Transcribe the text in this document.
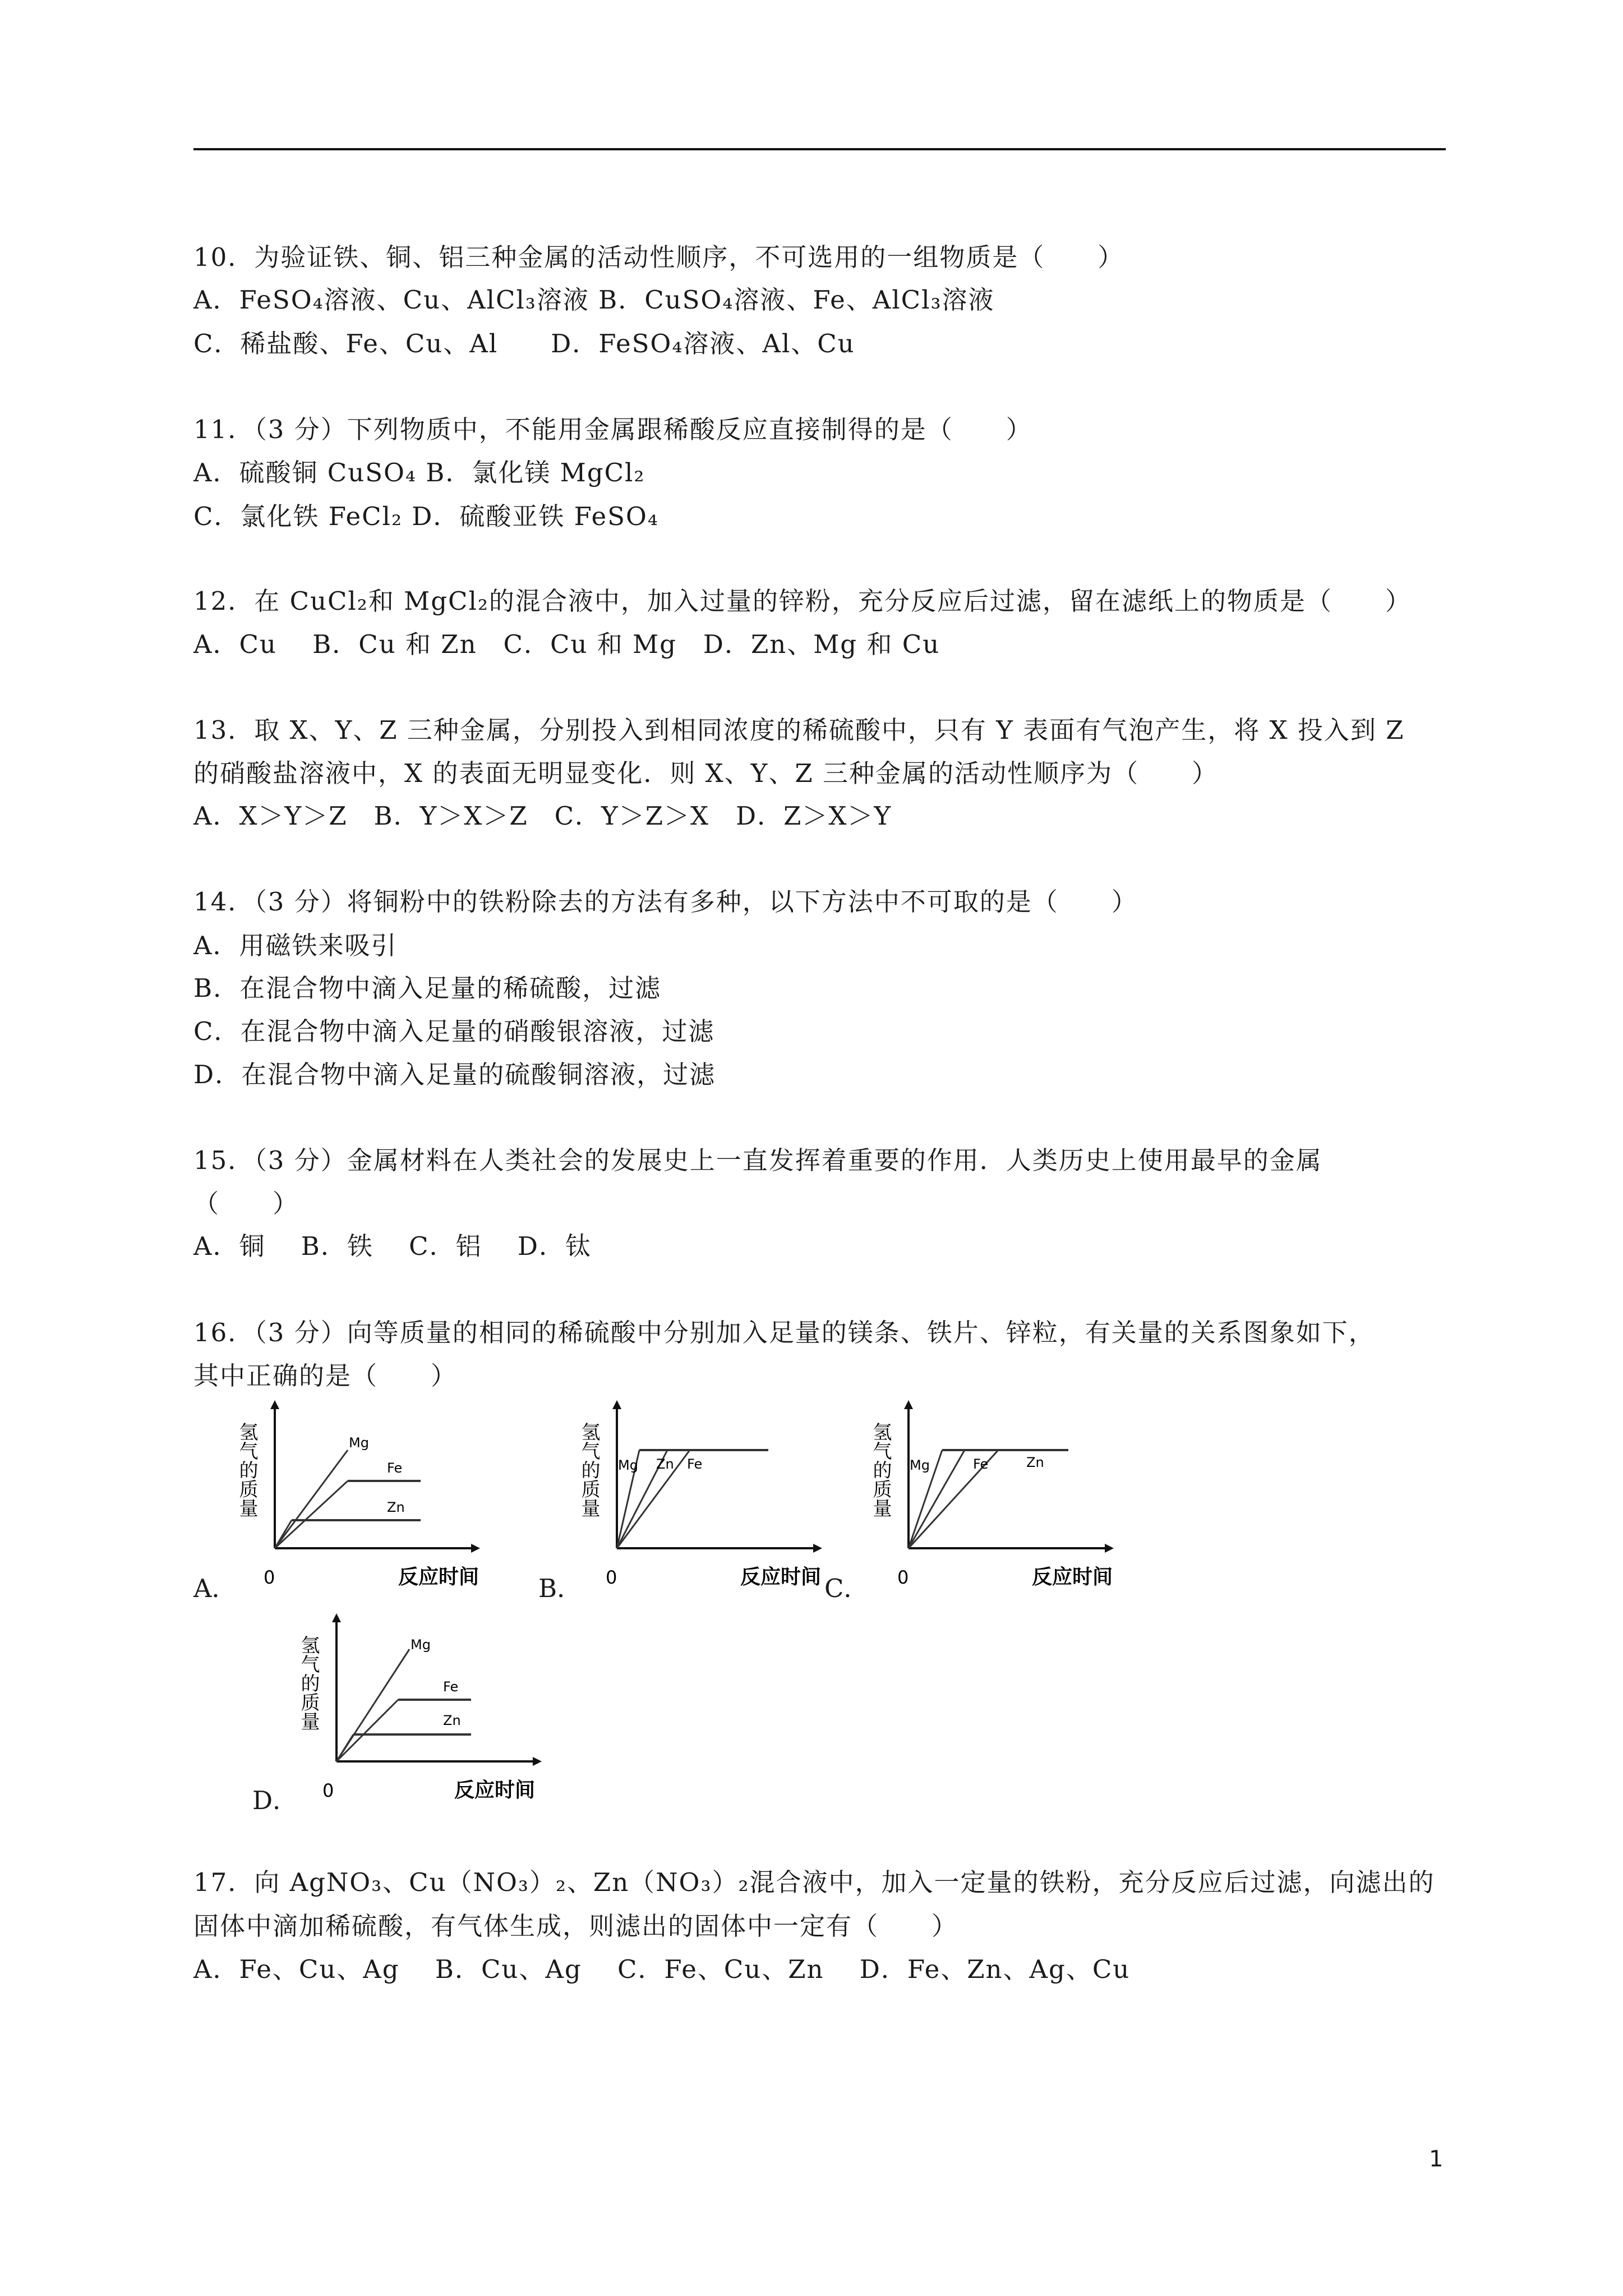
10．为验证铁、铜、铝三种金属的活动性顺序，不可选用的一组物质是（　　）
A．FeSO₄溶液、Cu、AlCl₃溶液 B．CuSO₄溶液、Fe、AlCl₃溶液
C．稀盐酸、Fe、Cu、Al　　D．FeSO₄溶液、Al、Cu
11．（3 分）下列物质中，不能用金属跟稀酸反应直接制得的是（　　）
A．硫酸铜 CuSO₄ B．氯化镁 MgCl₂
C．氯化铁 FeCl₂ D．硫酸亚铁 FeSO₄
12．在 CuCl₂和 MgCl₂的混合液中，加入过量的锌粉，充分反应后过滤，留在滤纸上的物质是（　　）
A．Cu　 B．Cu 和 Zn　C．Cu 和 Mg　D．Zn、Mg 和 Cu
13．取 X、Y、Z 三种金属，分别投入到相同浓度的稀硫酸中，只有 Y 表面有气泡产生，将 X 投入到 Z
的硝酸盐溶液中，X 的表面无明显变化．则 X、Y、Z 三种金属的活动性顺序为（　　）
A．X＞Y＞Z　B．Y＞X＞Z　C．Y＞Z＞X　D．Z＞X＞Y
14．（3 分）将铜粉中的铁粉除去的方法有多种，以下方法中不可取的是（　　）
A．用磁铁来吸引
B．在混合物中滴入足量的稀硫酸，过滤
C．在混合物中滴入足量的硝酸银溶液，过滤
D．在混合物中滴入足量的硫酸铜溶液，过滤
15．（3 分）金属材料在人类社会的发展史上一直发挥着重要的作用．人类历史上使用最早的金属
（　　）
A．铜　 B．铁　 C．铝　 D．钛
16．（3 分）向等质量的相同的稀硫酸中分别加入足量的镁条、铁片、锌粒，有关量的关系图象如下，
其中正确的是（　　）
A．	B．	C．
D．
Mg
Fe
Zn
氢气的质量
0	反应时间
Mg	Fe
Zn
氢气的质量
0	反应时间
Mg	Fe	Zn
氢气的质量
0	反应时间
Mg
Fe
Zn
氢气的质量
0	反应时间
17．向 AgNO₃、Cu（NO₃）₂、Zn（NO₃）₂混合液中，加入一定量的铁粉，充分反应后过滤，向滤出的
固体中滴加稀硫酸，有气体生成，则滤出的固体中一定有（　　）
A．Fe、Cu、Ag　 B．Cu、Ag　 C．Fe、Cu、Zn　 D．Fe、Zn、Ag、Cu
1
